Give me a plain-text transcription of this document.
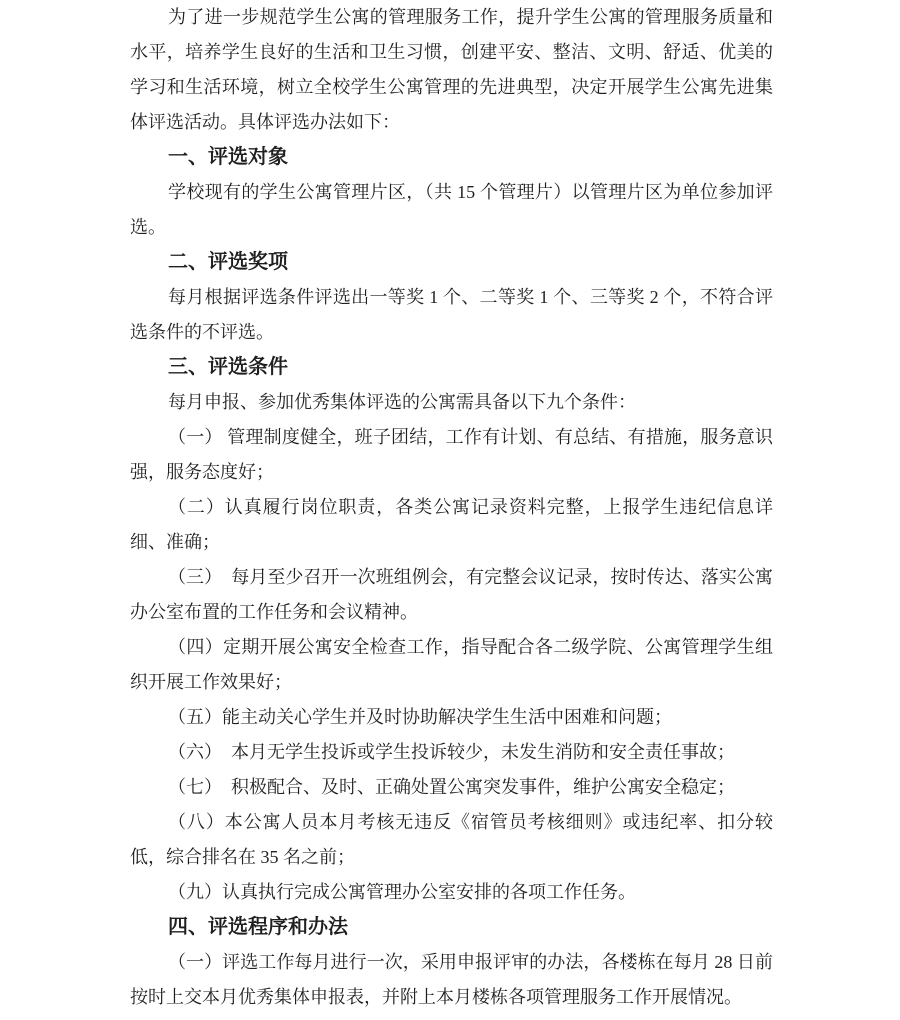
为了进一步规范学生公寓的管理服务工作，提升学生公寓的管理服务质量和水平，培养学生良好的生活和卫生习惯，创建平安、整洁、文明、舒适、优美的学习和生活环境，树立全校学生公寓管理的先进典型，决定开展学生公寓先进集体评选活动。具体评选办法如下：

一、评选对象

学校现有的学生公寓管理片区，（共 15 个管理片）以管理片区为单位参加评选。

二、评选奖项

每月根据评选条件评选出一等奖 1 个、二等奖 1 个、三等奖 2 个，不符合评选条件的不评选。

三、评选条件

每月申报、参加优秀集体评选的公寓需具备以下九个条件：

（一） 管理制度健全，班子团结，工作有计划、有总结、有措施，服务意识强，服务态度好；

（二）认真履行岗位职责，各类公寓记录资料完整，上报学生违纪信息详细、准确；

（三）　每月至少召开一次班组例会，有完整会议记录，按时传达、落实公寓办公室布置的工作任务和会议精神。

（四）定期开展公寓安全检查工作，指导配合各二级学院、公寓管理学生组织开展工作效果好；

（五）能主动关心学生并及时协助解决学生生活中困难和问题；

（六）　本月无学生投诉或学生投诉较少，未发生消防和安全责任事故；

（七）　积极配合、及时、正确处置公寓突发事件，维护公寓安全稳定；

（八）本公寓人员本月考核无违反《宿管员考核细则》或违纪率、扣分较低，综合排名在 35 名之前；

（九）认真执行完成公寓管理办公室安排的各项工作任务。

四、评选程序和办法

（一）评选工作每月进行一次，采用申报评审的办法，各楼栋在每月 28 日前按时上交本月优秀集体申报表，并附上本月楼栋各项管理服务工作开展情况。
